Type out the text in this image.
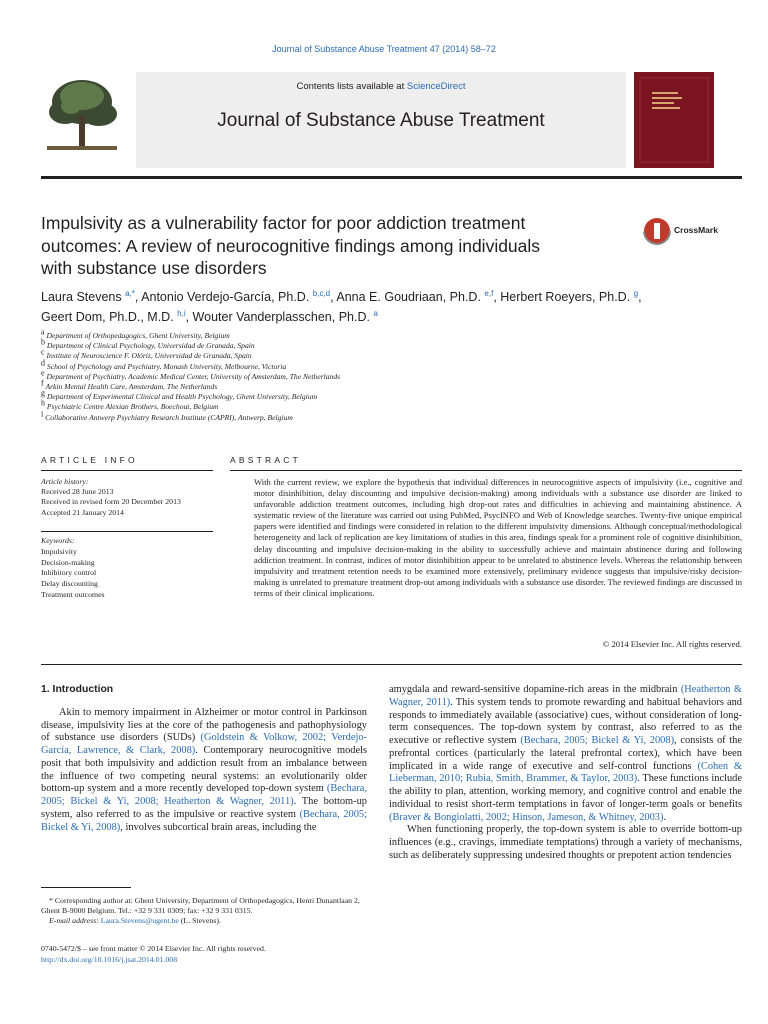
Journal of Substance Abuse Treatment 47 (2014) 58–72
Contents lists available at ScienceDirect
Journal of Substance Abuse Treatment
Impulsivity as a vulnerability factor for poor addiction treatment
outcomes: A review of neurocognitive findings among individuals
with substance use disorders
CrossMark
Laura Stevens $^{a,*}$, Antonio Verdejo-García, Ph.D. $^{b,c,d}$, Anna E. Goudriaan, Ph.D. $^{e,f}$, Herbert Roeyers, Ph.D. $^g$,
Geert Dom, Ph.D., M.D. $^{h,i}$, Wouter Vanderplasschen, Ph.D. $^a$
$^a$ Department of Orthopedagogics, Ghent University, Belgium
$^b$ Department of Clinical Psychology, Universidad de Granada, Spain
$^c$ Institute of Neuroscience F. Olóriz, Universidad de Granada, Spain
$^d$ School of Psychology and Psychiatry, Monash University, Melbourne, Victoria
$^e$ Department of Psychiatry, Academic Medical Center, University of Amsterdam, The Netherlands
$^f$ Arkin Mental Health Care, Amsterdam, The Netherlands
$^g$ Department of Experimental Clinical and Health Psychology, Ghent University, Belgium
$^h$ Psychiatric Centre Alexian Brothers, Boechout, Belgium
$^i$ Collaborative Antwerp Psychiatry Research Institute (CAPRI), Antwerp, Belgium
ARTICLE INFO	ABSTRACT
Article history:
Received 28 June 2013
Received in revised form 20 December 2013
Accepted 21 January 2014
Keywords:
Impulsivity
Decision-making
Inhibitory control
Delay discounting
Treatment outcomes
With the current review, we explore the hypothesis that individual differences in neurocognitive aspects of impulsivity (i.e., cognitive and motor disinhibition, delay discounting and impulsive decision-making) among individuals with a substance use disorder are linked to unfavorable addiction treatment outcomes, including high drop-out rates and difficulties in achieving and maintaining abstinence. A systematic review of the literature was carried out using PubMed, PsycINFO and Web of Knowledge searches. Twenty-five unique empirical papers were identified and findings were considered in relation to the different impulsivity dimensions. Although conceptual/methodological heterogeneity and lack of replication are key limitations of studies in this area, findings speak for a prominent role of cognitive disinhibition, delay discounting and impulsive decision-making in the ability to successfully achieve and maintain abstinence during and following addiction treatment. In contrast, indices of motor disinhibition appear to be unrelated to abstinence levels. Whereas the relationship between impulsivity and treatment retention needs to be examined more extensively, preliminary evidence suggests that impulsive/risky decision-making is unrelated to premature treatment drop-out among individuals with a substance use disorder. The reviewed findings are discussed in terms of their clinical implications.
© 2014 Elsevier Inc. All rights reserved.
1. Introduction

Akin to memory impairment in Alzheimer or motor control in Parkinson disease, impulsivity lies at the core of the pathogenesis and pathophysiology of substance use disorders (SUDs) (Goldstein & Volkow, 2002; Verdejo-García, Lawrence, & Clark, 2008). Contemporary neurocognitive models posit that both impulsivity and addiction result from an imbalance between the influence of two competing neural systems: an evolutionarily older bottom-up system and a more recently developed top-down system (Bechara, 2005; Bickel & Yi, 2008; Heatherton & Wagner, 2011). The bottom-up system, also referred to as the impulsive or reactive system (Bechara, 2005; Bickel & Yi, 2008), involves subcortical brain areas, including the

amygdala and reward-sensitive dopamine-rich areas in the midbrain (Heatherton & Wagner, 2011). This system tends to promote rewarding and habitual behaviors and responds to immediately available (associative) cues, without consideration of long-term consequences. The top-down system by contrast, also referred to as the executive or reflective system (Bechara, 2005; Bickel & Yi, 2008), consists of the prefrontal cortices (particularly the lateral prefrontal cortex), which have been implicated in a wide range of executive and self-control functions (Cohen & Lieberman, 2010; Rubia, Smith, Brammer, & Taylor, 2003). These functions include the ability to plan, attention, working memory, and cognitive control and enable the individual to resist short-term temptations in favor of longer-term goals or benefits (Braver & Bongiolatti, 2002; Hinson, Jameson, & Whitney, 2003).

When functioning properly, the top-down system is able to override bottom-up influences (e.g., cravings, immediate temptations) through a variety of mechanisms, such as deliberately suppressing undesired thoughts or prepotent action tendencies

* Corresponding author at: Ghent University, Department of Orthopedagogics, Henri Dunantlaan 2, Ghent B-9000 Belgium. Tel.: +32 9 331 0309; fax: +32 9 331 0315.
E-mail address: Laura.Stevens@ugent.be (L. Stevens).
0740-5472/$ – see front matter © 2014 Elsevier Inc. All rights reserved.
http://dx.doi.org/10.1016/j.jsat.2014.01.008
